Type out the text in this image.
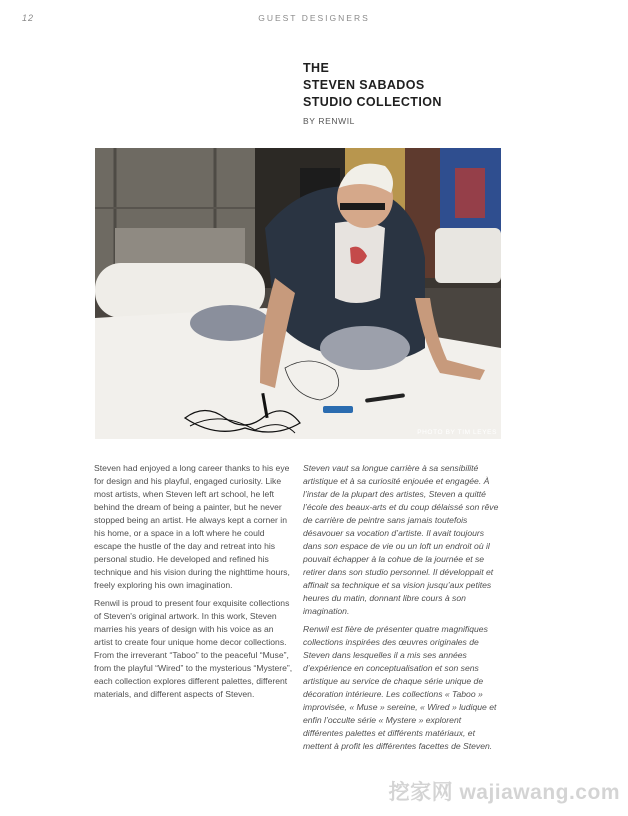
12	GUEST DESIGNERS
THE
STEVEN SABADOS
STUDIO COLLECTION
BY RENWIL
PHOTO BY TIM LEYES

Steven had enjoyed a long career thanks to his eye for design and his playful, engaged curiosity. Like most artists, when Steven left art school, he left behind the dream of being a painter, but he never stopped being an artist. He always kept a corner in his home, or a space in a loft where he could escape the hustle of the day and retreat into his personal studio. He developed and refined his technique and his vision during the nighttime hours, freely exploring his own imagination.

Renwil is proud to present four exquisite collections of Steven's original artwork. In this work, Steven marries his years of design with his voice as an artist to create four unique home decor collections. From the irreverant “Taboo” to the peaceful “Muse”, from the playful “Wired” to the mysterious “Mystere”, each collection explores different palettes, different materials, and different aspects of Steven.

Steven vaut sa longue carrière à sa sensibilité artistique et à sa curiosité enjouée et engagée. À l’instar de la plupart des artistes, Steven a quitté l’école des beaux-arts et du coup délaissé son rêve de carrière de peintre sans jamais toutefois désavouer sa vocation d’artiste. Il avait toujours dans son espace de vie ou un loft un endroit où il pouvait échapper à la cohue de la journée et se retirer dans son studio personnel. Il développait et affinait sa technique et sa vision jusqu’aux petites heures du matin, donnant libre cours à son imagination.

Renwil est fière de présenter quatre magnifiques collections inspirées des œuvres originales de Steven dans lesquelles il a mis ses années d’expérience en conceptualisation et son sens artistique au service de chaque série unique de décoration intérieure. Les collections « Taboo » improvisée, « Muse » sereine, « Wired » ludique et enfin l’occulte série « Mystere » explorent différentes palettes et différents matériaux, et mettent à profit les différentes facettes de Steven.

挖家网 wajiawang.com
